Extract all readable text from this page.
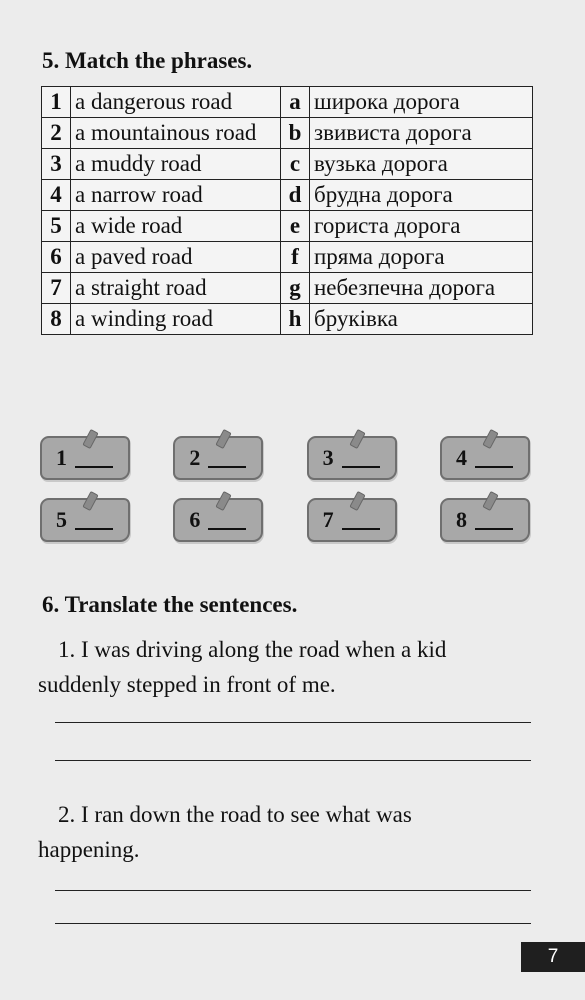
5. Match the phrases.
1	a dangerous road	a	широка дорога
2	a mountainous road	b	звивиста дорога
3	a muddy road	c	вузька дорога
4	a narrow road	d	брудна дорога
5	a wide road	e	гориста дорога
6	a paved road	f	пряма дорога
7	a straight road	g	небезпечна дорога
8	a winding road	h	бруківка
1	2	3	4
5	6	7	8
6. Translate the sentences.
1. I was driving along the road when a kid
suddenly stepped in front of me.
2. I ran down the road to see what was
happening.
7
